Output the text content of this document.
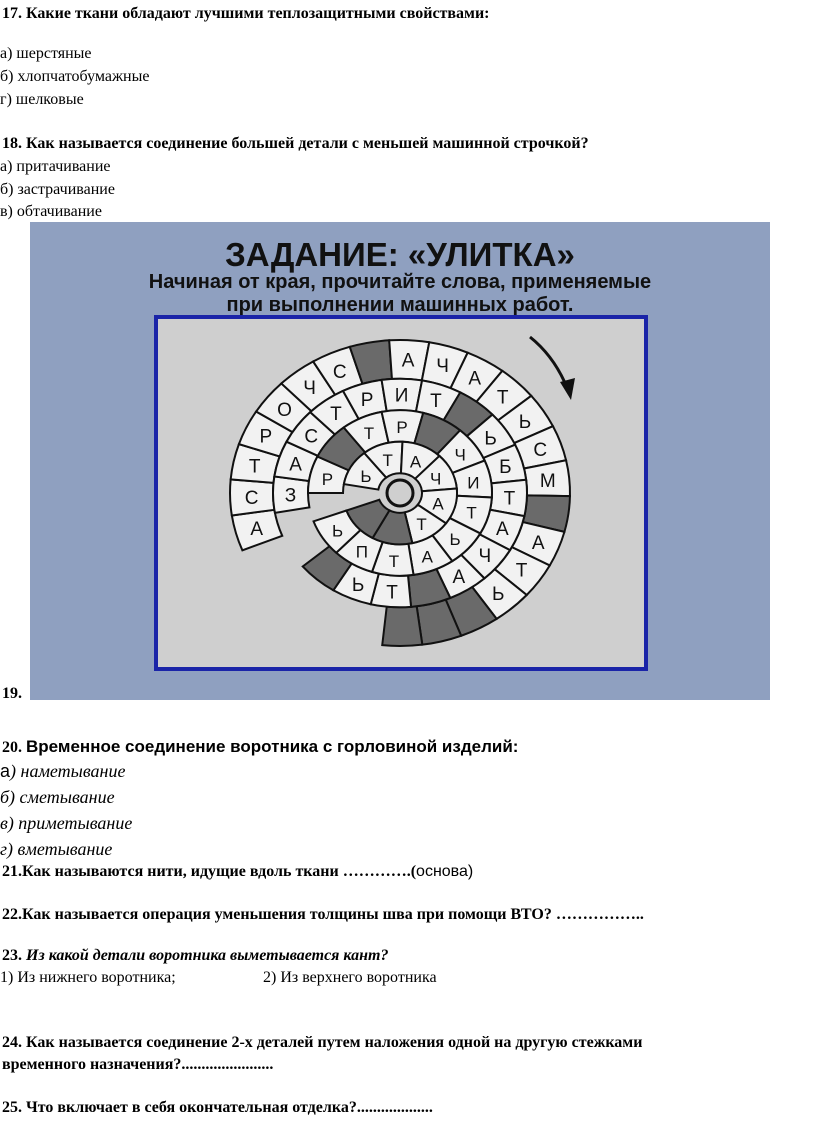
17. Какие ткани обладают лучшими теплозащитными свойствами:
а) шерстяные
б) хлопчатобумажные
г) шелковые
18. Как называется соединение большей детали с меньшей машинной строчкой?
а) притачивание
б) застрачивание
в) обтачивание
ЗАДАНИЕ: «УЛИТКА»
Начиная от края, прочитайте слова, применяемые
при выполнении машинных работ.
А
С
Т
Р
О
Ч
С
А Ч
А
Т
Ь
С
М
А
Т
Ь
З
А
С
Т
Р И Т
Ь
Б
Т
А
Ч
А
Т
Ь
Р
Т Р
Ч
И
Т
Ь
А
Т
П
Ь
Ь
Т А
Ч
А
Т
19.
20. Временное соединение воротника с горловиной изделий:
а) наметывание
б) сметывание
в) приметывание
г) вметывание
21.Как называются нити, идущие вдоль ткани ………….(основа)
22.Как называется операция уменьшения толщины шва при помощи ВТО? ……………..
23. Из какой детали воротника выметывается кант?
1) Из нижнего воротника;	2) Из верхнего воротника
24. Как называется соединение 2-х деталей путем наложения одной на другую стежками
временного назначения?.......................
25. Что включает в себя окончательная отделка?...................
